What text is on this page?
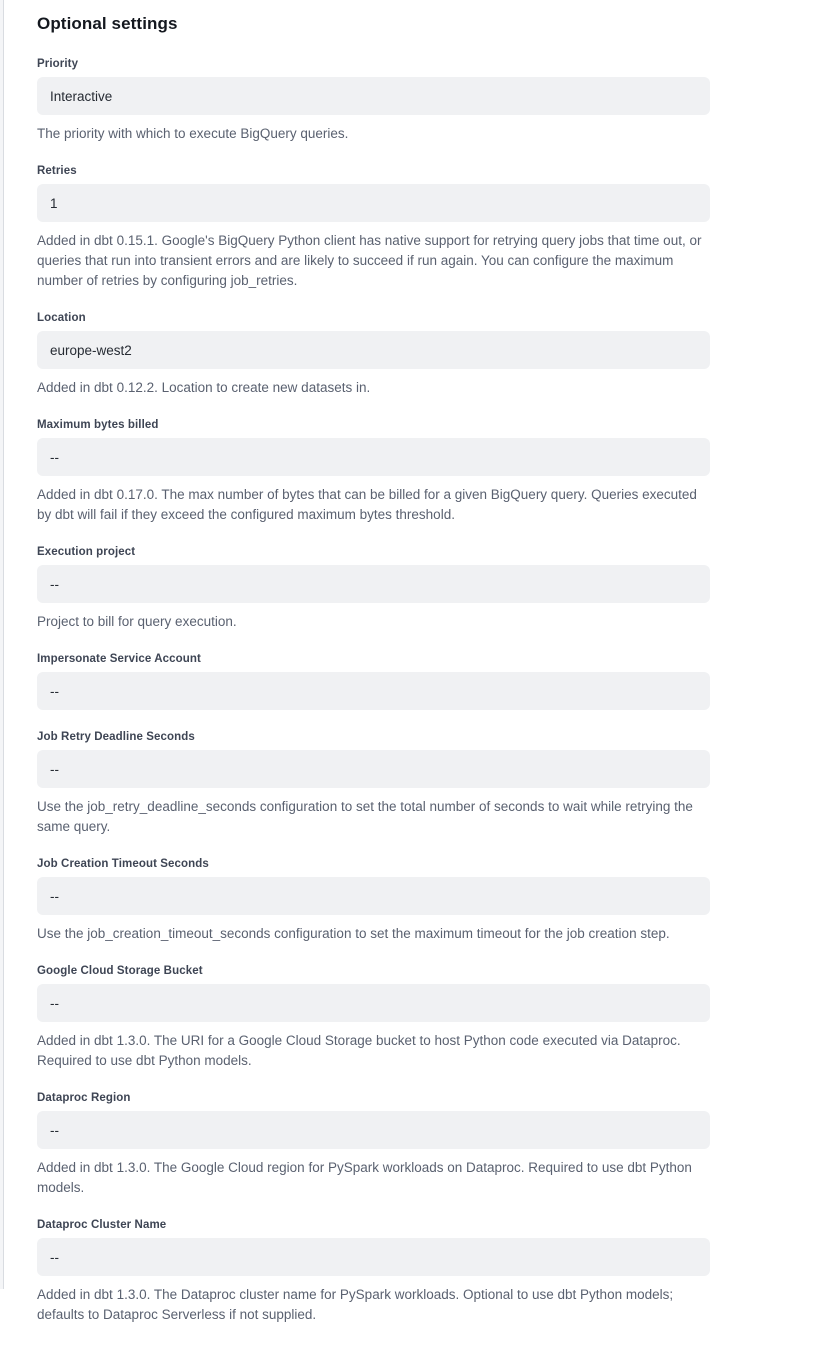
Optional settings
Priority
Interactive
The priority with which to execute BigQuery queries.
Retries
1
Added in dbt 0.15.1. Google's BigQuery Python client has native support for retrying query jobs that time out, or queries that run into transient errors and are likely to succeed if run again. You can configure the maximum number of retries by configuring job_retries.
Location
europe-west2
Added in dbt 0.12.2. Location to create new datasets in.
Maximum bytes billed
--
Added in dbt 0.17.0. The max number of bytes that can be billed for a given BigQuery query. Queries executed by dbt will fail if they exceed the configured maximum bytes threshold.
Execution project
--
Project to bill for query execution.
Impersonate Service Account
--
Job Retry Deadline Seconds
--
Use the job_retry_deadline_seconds configuration to set the total number of seconds to wait while retrying the same query.
Job Creation Timeout Seconds
--
Use the job_creation_timeout_seconds configuration to set the maximum timeout for the job creation step.
Google Cloud Storage Bucket
--
Added in dbt 1.3.0. The URI for a Google Cloud Storage bucket to host Python code executed via Dataproc. Required to use dbt Python models.
Dataproc Region
--
Added in dbt 1.3.0. The Google Cloud region for PySpark workloads on Dataproc. Required to use dbt Python models.
Dataproc Cluster Name
--
Added in dbt 1.3.0. The Dataproc cluster name for PySpark workloads. Optional to use dbt Python models; defaults to Dataproc Serverless if not supplied.
